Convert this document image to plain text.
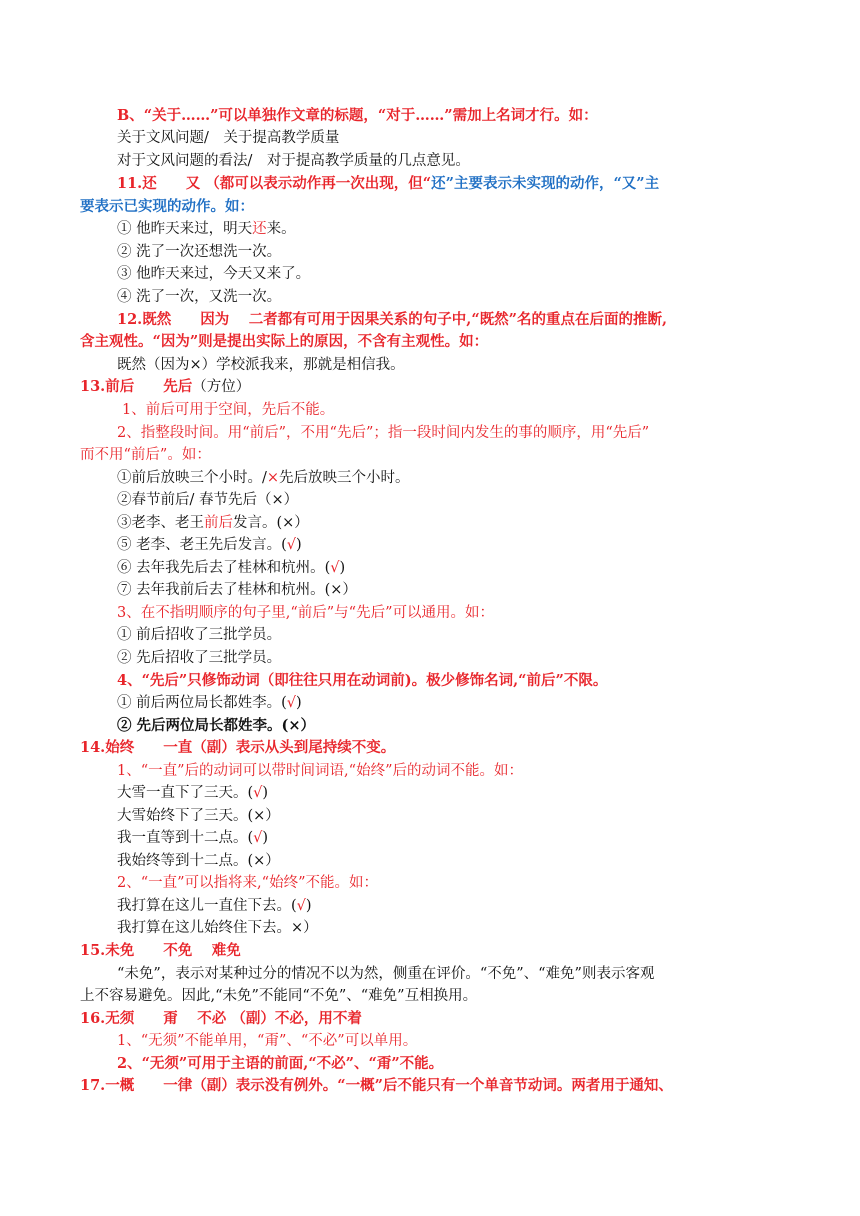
B、“关于……”可以单独作文章的标题，“对于……”需加上名词才行。如：
关于文风问题/　关于提高教学质量
对于文风问题的看法/　对于提高教学质量的几点意见。
11.还　　又 （都可以表示动作再一次出现，但“还”主要表示未实现的动作，“又”主
要表示已实现的动作。如：
① 他昨天来过，明天还来。
② 洗了一次还想洗一次。
③ 他昨天来过，今天又来了。
④ 洗了一次，又洗一次。
12.既然　　因为　 二者都有可用于因果关系的句子中,“既然”名的重点在后面的推断,
含主观性。“因为”则是提出实际上的原因，不含有主观性。如：
既然（因为×）学校派我来，那就是相信我。
13.前后　　先后（方位）
1、前后可用于空间，先后不能。
2、指整段时间。用“前后”，不用“先后”；指一段时间内发生的事的顺序，用“先后”
而不用“前后”。如：
①前后放映三个小时。/×先后放映三个小时。
②春节前后/ 春节先后（×）
③老李、老王前后发言。(×）
⑤ 老李、老王先后发言。(√)
⑥ 去年我先后去了桂林和杭州。(√)
⑦ 去年我前后去了桂林和杭州。(×）
3、在不指明顺序的句子里,“前后”与“先后”可以通用。如：
① 前后招收了三批学员。
② 先后招收了三批学员。
4、“先后”只修饰动词（即往往只用在动词前)。极少修饰名词,“前后”不限。
① 前后两位局长都姓李。(√)
② 先后两位局长都姓李。(×）
14.始终　　一直（副）表示从头到尾持续不变。
1、“一直”后的动词可以带时间词语,“始终”后的动词不能。如：
大雪一直下了三天。(√)
大雪始终下了三天。(×）
我一直等到十二点。(√)
我始终等到十二点。(×）
2、“一直”可以指将来,“始终”不能。如：
我打算在这儿一直住下去。(√)
我打算在这儿始终住下去。×）
15.未免　　不免　 难免
“未免”，表示对某种过分的情况不以为然，侧重在评价。“不免”、“难免”则表示客观
上不容易避免。因此,“未免”不能同“不免”、“难免”互相换用。
16.无须　　甭　 不必 （副）不必，用不着
1、“无须”不能单用，“甭”、“不必”可以单用。
2、“无须”可用于主语的前面,“不必”、“甭”不能。
17.一概　　一律（副）表示没有例外。“一概”后不能只有一个单音节动词。两者用于通知、
